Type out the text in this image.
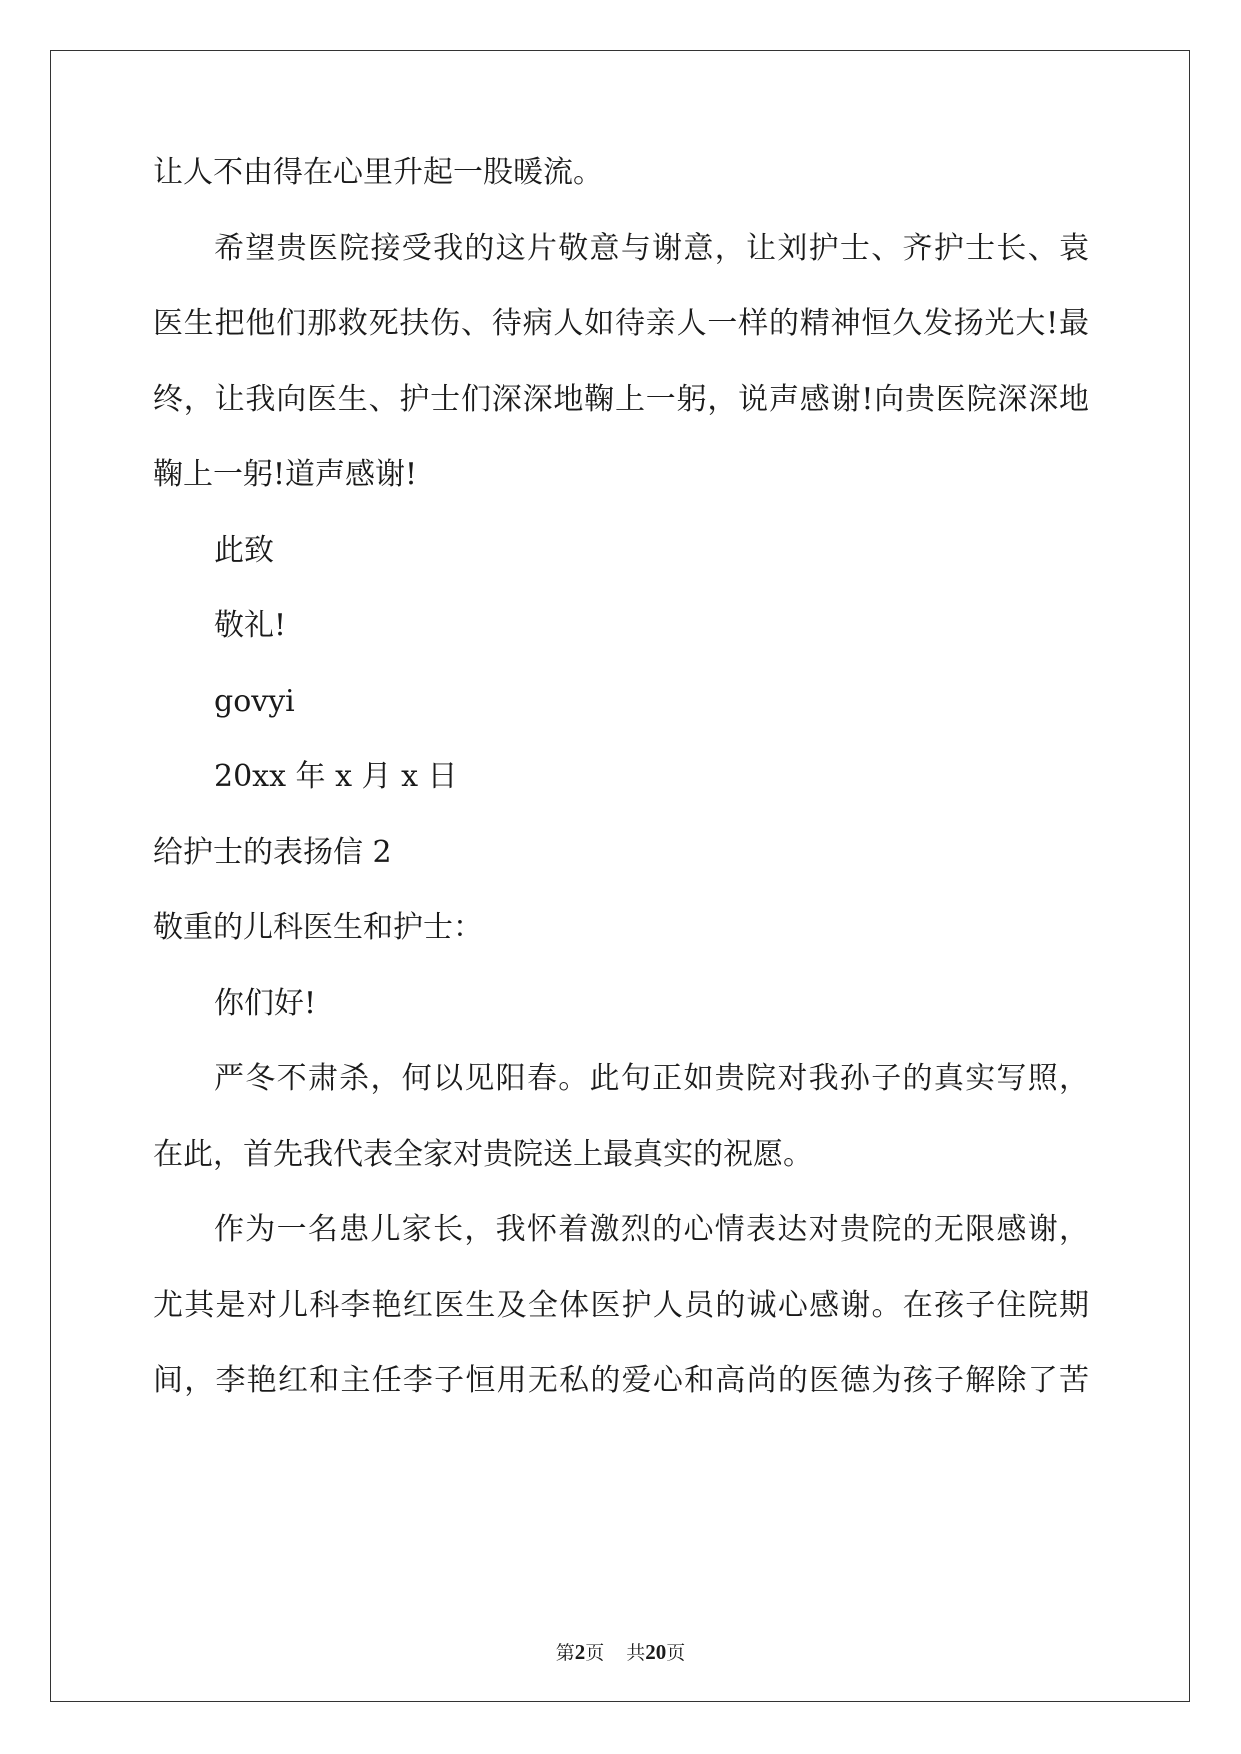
让人不由得在心里升起一股暖流。
希望贵医院接受我的这片敬意与谢意，让刘护士、齐护士长、袁
医生把他们那救死扶伤、待病人如待亲人一样的精神恒久发扬光大!最
终，让我向医生、护士们深深地鞠上一躬，说声感谢!向贵医院深深地
鞠上一躬!道声感谢!
此致
敬礼!
govyi
20xx 年 x 月 x 日
给护士的表扬信 2
敬重的儿科医生和护士：
你们好!
严冬不肃杀，何以见阳春。此句正如贵院对我孙子的真实写照，
在此，首先我代表全家对贵院送上最真实的祝愿。
作为一名患儿家长，我怀着激烈的心情表达对贵院的无限感谢，
尤其是对儿科李艳红医生及全体医护人员的诚心感谢。在孩子住院期
间，李艳红和主任李子恒用无私的爱心和高尚的医德为孩子解除了苦
第2页 共20页
